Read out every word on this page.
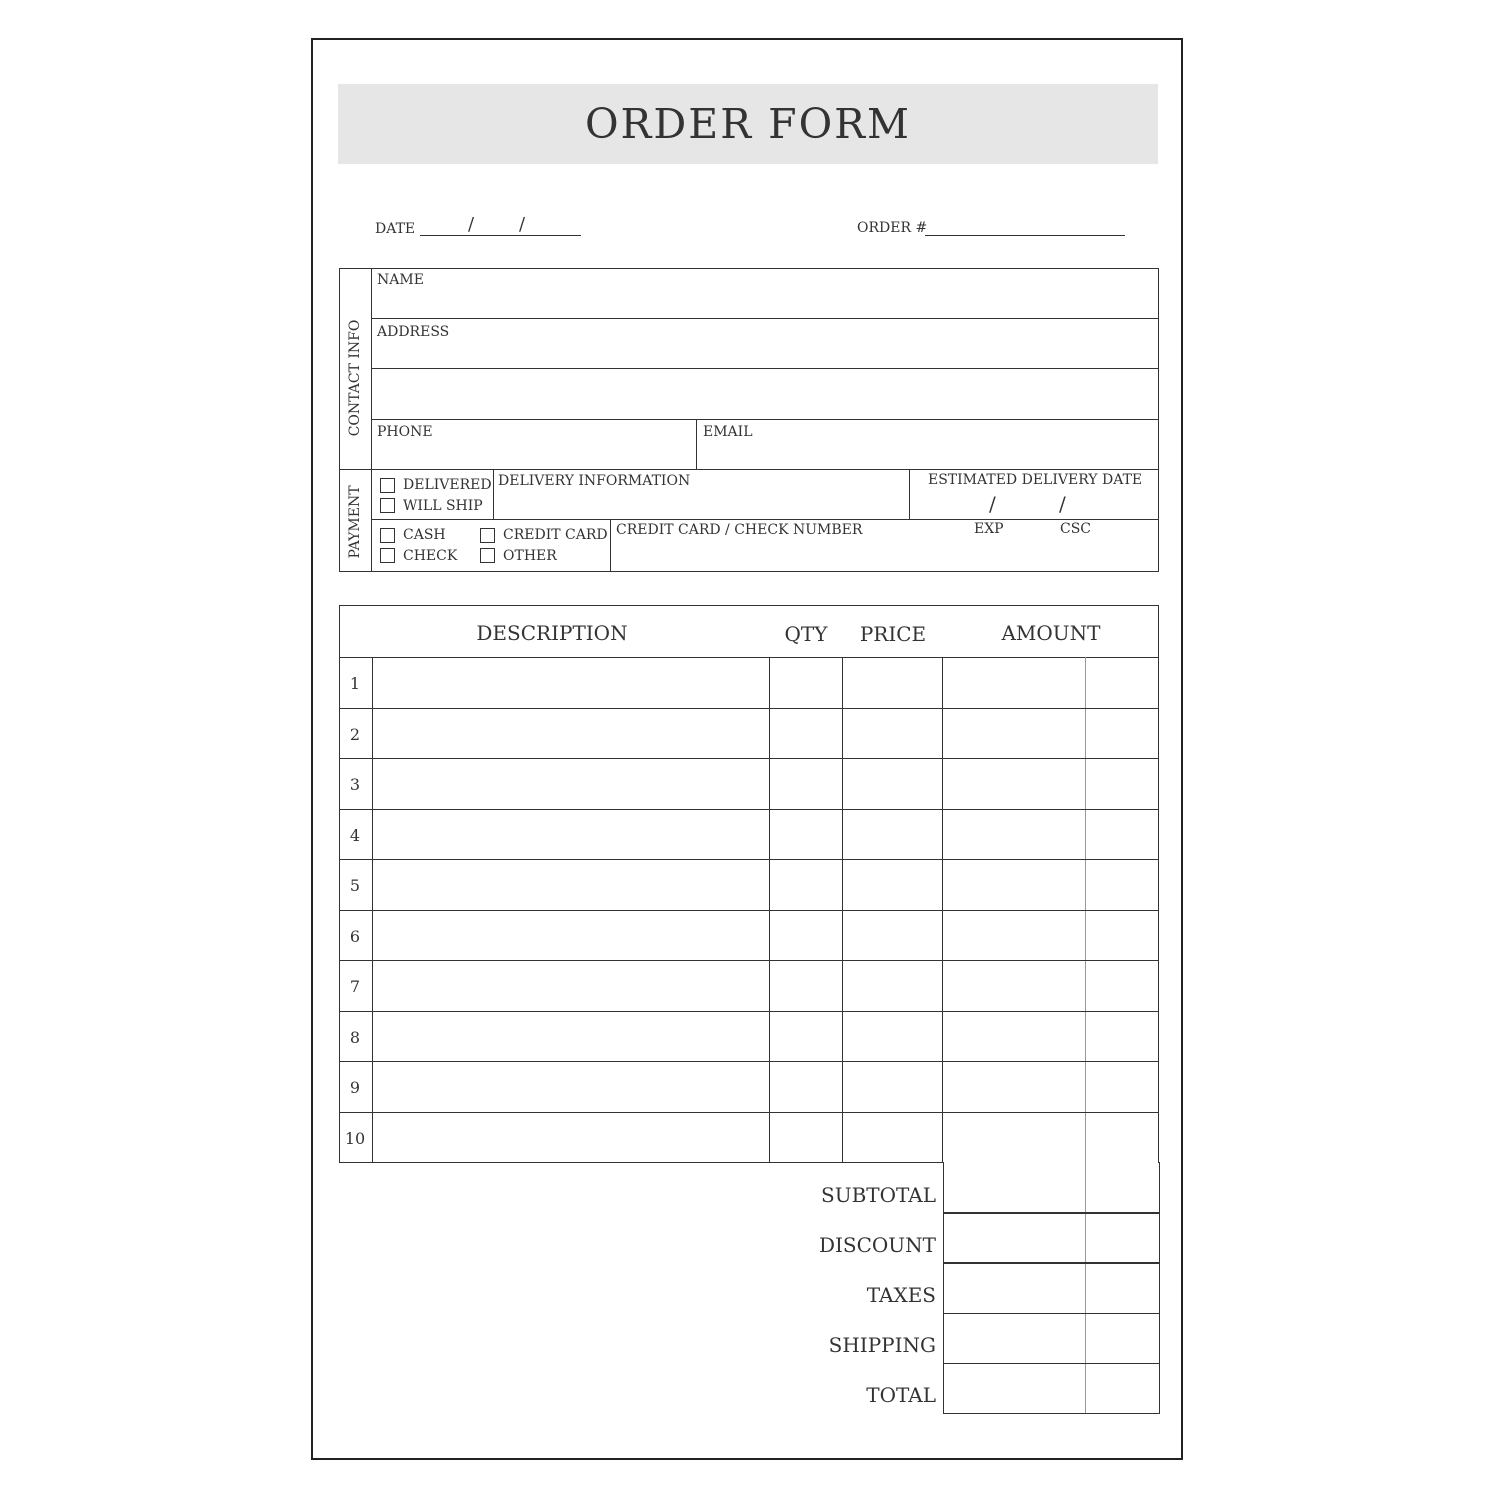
ORDER FORM
DATE	/ /	ORDER #
CONTACT INFO
PAYMENT
NAME
ADDRESS
PHONE	EMAIL
DELIVERED
WILL SHIP
DELIVERY INFORMATION	ESTIMATED DELIVERY DATE
/	/
CASH
CHECK
CREDIT CARD
OTHER
CREDIT CARD / CHECK NUMBER	EXP	CSC
DESCRIPTION	QTY	PRICE	AMOUNT
1
2
3
4
5
6
7
8
9
10
SUBTOTAL
DISCOUNT
TAXES
SHIPPING
TOTAL
